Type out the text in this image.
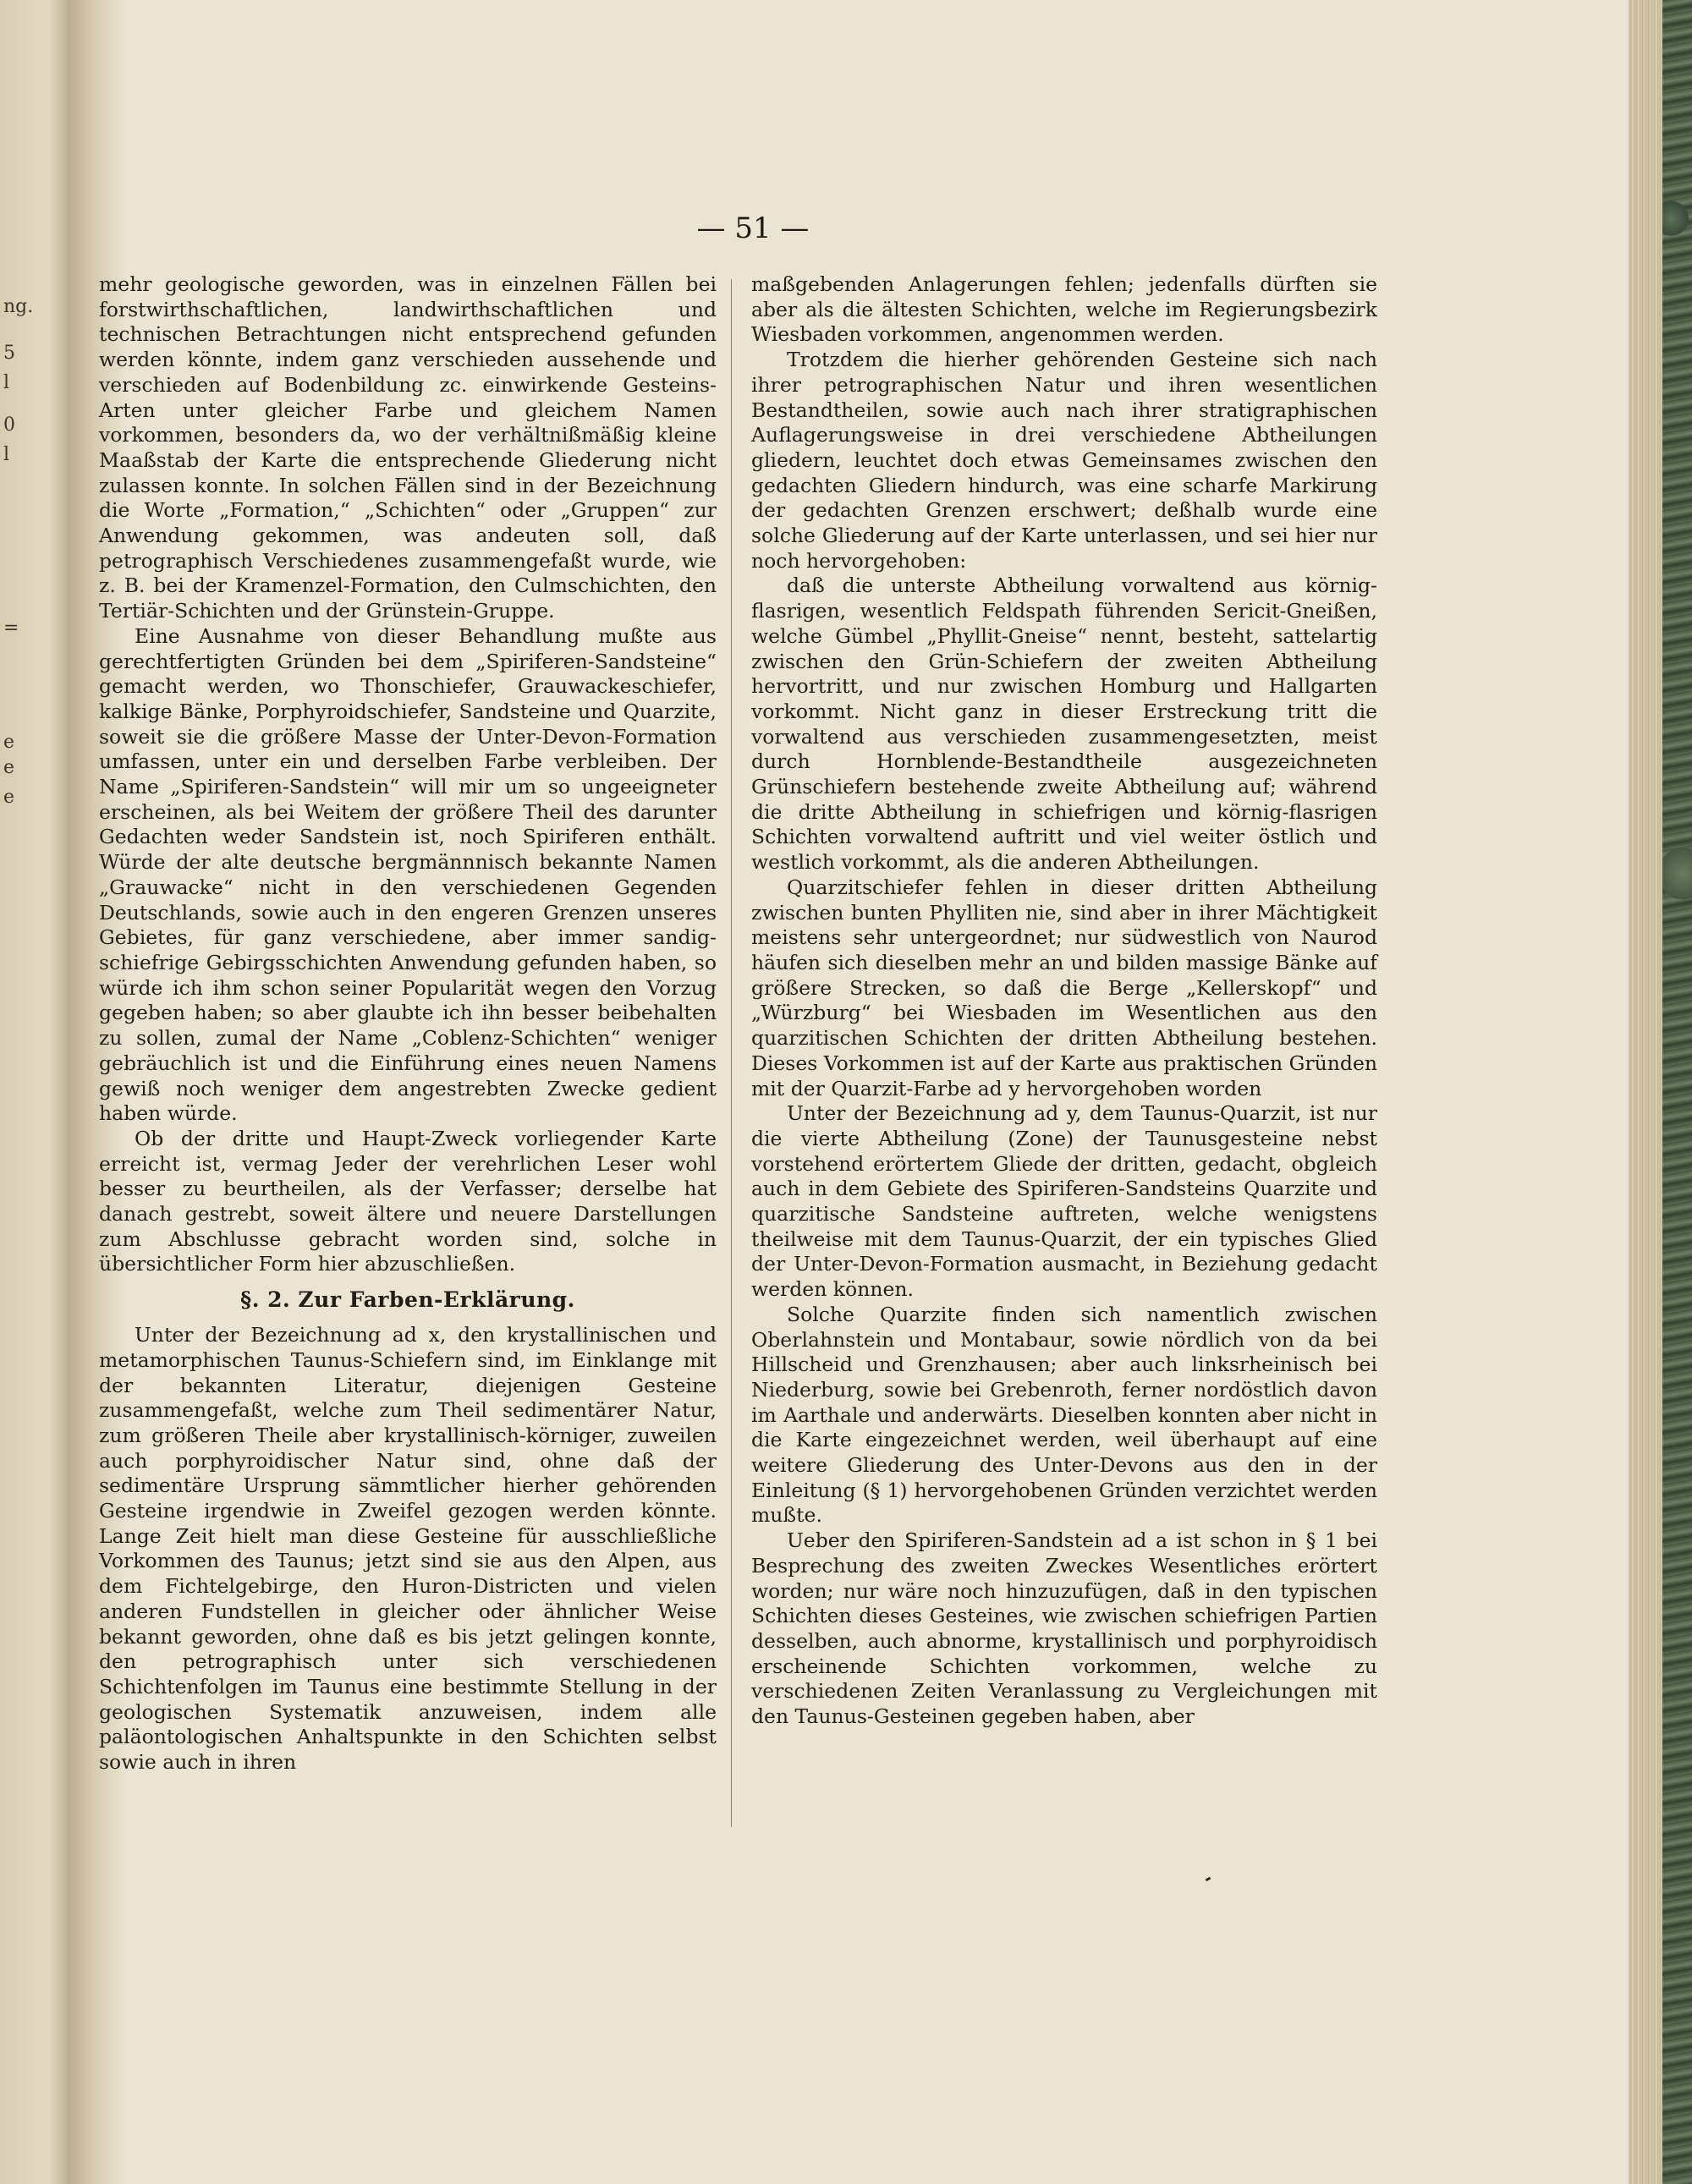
ng.
5
l
0
l
=
e
e
e
— 51 —

mehr geologische geworden, was in einzelnen Fällen bei forstwirthschaftlichen, landwirthschaftlichen und technischen Betrachtungen nicht entsprechend gefunden werden könnte, indem ganz verschieden aussehende und verschieden auf Bodenbildung zc. einwirkende Gesteins-Arten unter gleicher Farbe und gleichem Namen vorkommen, besonders da, wo der verhältnißmäßig kleine Maaßstab der Karte die entsprechende Gliederung nicht zulassen konnte. In solchen Fällen sind in der Bezeichnung die Worte „Formation,“ „Schichten“ oder „Gruppen“ zur Anwendung gekommen, was andeuten soll, daß petrographisch Verschiedenes zusammengefaßt wurde, wie z. B. bei der Kramenzel-Formation, den Culmschichten, den Tertiär-Schichten und der Grünstein-Gruppe.

Eine Ausnahme von dieser Behandlung mußte aus gerechtfertigten Gründen bei dem „Spiriferen-Sandsteine“ gemacht werden, wo Thonschiefer, Grauwackeschiefer, kalkige Bänke, Porphyroidschiefer, Sandsteine und Quarzite, soweit sie die größere Masse der Unter-Devon-Formation umfassen, unter ein und derselben Farbe verbleiben. Der Name „Spiriferen-Sandstein“ will mir um so ungeeigneter erscheinen, als bei Weitem der größere Theil des darunter Gedachten weder Sandstein ist, noch Spiriferen enthält. Würde der alte deutsche bergmännnisch bekannte Namen „Grauwacke“ nicht in den verschiedenen Gegenden Deutschlands, sowie auch in den engeren Grenzen unseres Gebietes, für ganz verschiedene, aber immer sandig-schiefrige Gebirgsschichten Anwendung gefunden haben, so würde ich ihm schon seiner Popularität wegen den Vorzug gegeben haben; so aber glaubte ich ihn besser beibehalten zu sollen, zumal der Name „Coblenz-Schichten“ weniger gebräuchlich ist und die Einführung eines neuen Namens gewiß noch weniger dem angestrebten Zwecke gedient haben würde.

Ob der dritte und Haupt-Zweck vorliegender Karte erreicht ist, vermag Jeder der verehrlichen Leser wohl besser zu beurtheilen, als der Verfasser; derselbe hat danach gestrebt, soweit ältere und neuere Darstellungen zum Abschlusse gebracht worden sind, solche in übersichtlicher Form hier abzuschließen.

§. 2. Zur Farben-Erklärung.

Unter der Bezeichnung ad x, den krystallinischen und metamorphischen Taunus-Schiefern sind, im Einklange mit der bekannten Literatur, diejenigen Gesteine zusammengefaßt, welche zum Theil sedimentärer Natur, zum größeren Theile aber krystallinisch-körniger, zuweilen auch porphyroidischer Natur sind, ohne daß der sedimentäre Ursprung sämmtlicher hierher gehörenden Gesteine irgendwie in Zweifel gezogen werden könnte. Lange Zeit hielt man diese Gesteine für ausschließliche Vorkommen des Taunus; jetzt sind sie aus den Alpen, aus dem Fichtelgebirge, den Huron-Districten und vielen anderen Fundstellen in gleicher oder ähnlicher Weise bekannt geworden, ohne daß es bis jetzt gelingen konnte, den petrographisch unter sich verschiedenen Schichtenfolgen im Taunus eine bestimmte Stellung in der geologischen Systematik anzuweisen, indem alle paläontologischen Anhaltspunkte in den Schichten selbst sowie auch in ihren

maßgebenden Anlagerungen fehlen; jedenfalls dürften sie aber als die ältesten Schichten, welche im Regierungsbezirk Wiesbaden vorkommen, angenommen werden.

Trotzdem die hierher gehörenden Gesteine sich nach ihrer petrographischen Natur und ihren wesentlichen Bestandtheilen, sowie auch nach ihrer stratigraphischen Auflagerungsweise in drei verschiedene Abtheilungen gliedern, leuchtet doch etwas Gemeinsames zwischen den gedachten Gliedern hindurch, was eine scharfe Markirung der gedachten Grenzen erschwert; deßhalb wurde eine solche Gliederung auf der Karte unterlassen, und sei hier nur noch hervorgehoben:

daß die unterste Abtheilung vorwaltend aus körnig-flasrigen, wesentlich Feldspath führenden Sericit-Gneißen, welche Gümbel „Phyllit-Gneise“ nennt, besteht, sattelartig zwischen den Grün-Schiefern der zweiten Abtheilung hervortritt, und nur zwischen Homburg und Hallgarten vorkommt. Nicht ganz in dieser Erstreckung tritt die vorwaltend aus verschieden zusammengesetzten, meist durch Hornblende-Bestandtheile ausgezeichneten Grünschiefern bestehende zweite Abtheilung auf; während die dritte Abtheilung in schiefrigen und körnig-flasrigen Schichten vorwaltend auftritt und viel weiter östlich und westlich vorkommt, als die anderen Abtheilungen.

Quarzitschiefer fehlen in dieser dritten Abtheilung zwischen bunten Phylliten nie, sind aber in ihrer Mächtigkeit meistens sehr untergeordnet; nur südwestlich von Naurod häufen sich dieselben mehr an und bilden massige Bänke auf größere Strecken, so daß die Berge „Kellerskopf“ und „Würzburg“ bei Wiesbaden im Wesentlichen aus den quarzitischen Schichten der dritten Abtheilung bestehen. Dieses Vorkommen ist auf der Karte aus praktischen Gründen mit der Quarzit-Farbe ad y hervorgehoben worden

Unter der Bezeichnung ad y, dem Taunus-Quarzit, ist nur die vierte Abtheilung (Zone) der Taunusgesteine nebst vorstehend erörtertem Gliede der dritten, gedacht, obgleich auch in dem Gebiete des Spiriferen-Sandsteins Quarzite und quarzitische Sandsteine auftreten, welche wenigstens theilweise mit dem Taunus-Quarzit, der ein typisches Glied der Unter-Devon-Formation ausmacht, in Beziehung gedacht werden können.

Solche Quarzite finden sich namentlich zwischen Oberlahnstein und Montabaur, sowie nördlich von da bei Hillscheid und Grenzhausen; aber auch linksrheinisch bei Niederburg, sowie bei Grebenroth, ferner nordöstlich davon im Aarthale und anderwärts. Dieselben konnten aber nicht in die Karte eingezeichnet werden, weil überhaupt auf eine weitere Gliederung des Unter-Devons aus den in der Einleitung (§ 1) hervorgehobenen Gründen verzichtet werden mußte.

Ueber den Spiriferen-Sandstein ad a ist schon in § 1 bei Besprechung des zweiten Zweckes Wesentliches erörtert worden; nur wäre noch hinzuzufügen, daß in den typischen Schichten dieses Gesteines, wie zwischen schiefrigen Partien desselben, auch abnorme, krystallinisch und porphyroidisch erscheinende Schichten vorkommen, welche zu verschiedenen Zeiten Veranlassung zu Vergleichungen mit den Taunus-Gesteinen gegeben haben, aber
